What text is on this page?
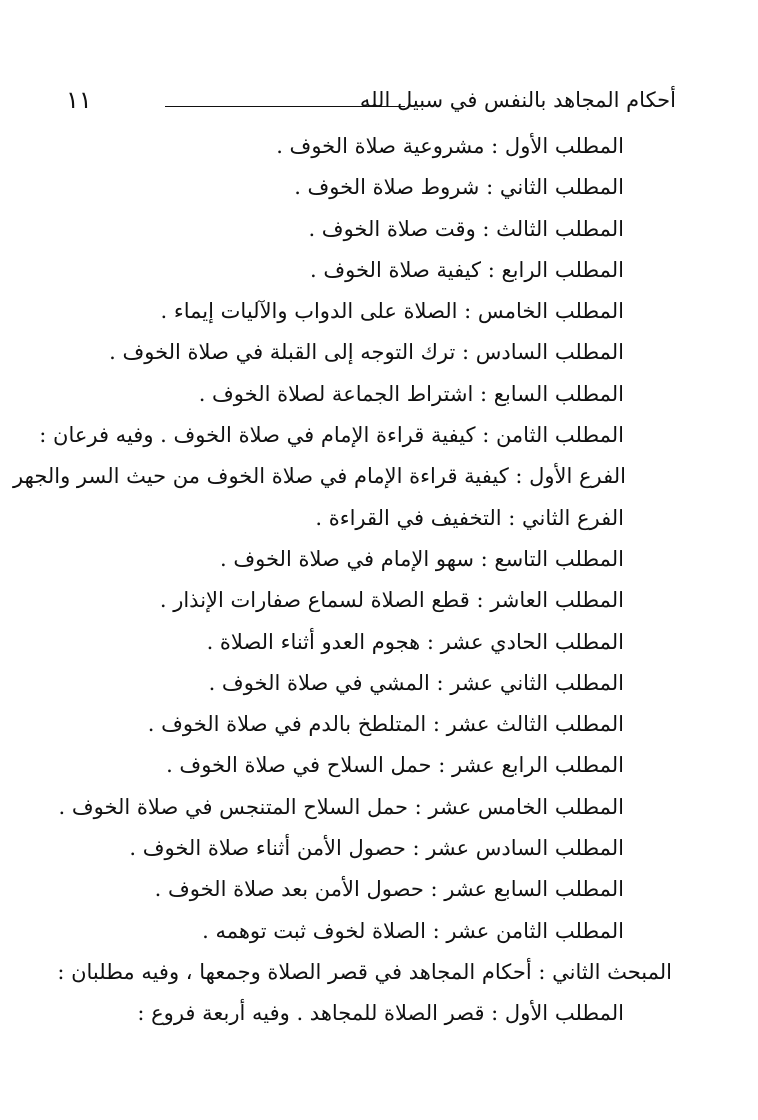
١١	أحكام المجاهد بالنفس في سبيل الله
المطلب الأول : مشروعية صلاة الخوف .
المطلب الثاني : شروط صلاة الخوف .
المطلب الثالث : وقت صلاة الخوف .
المطلب الرابع : كيفية صلاة الخوف .
المطلب الخامس : الصلاة على الدواب والآليات إيماء .
المطلب السادس : ترك التوجه إلى القبلة في صلاة الخوف .
المطلب السابع : اشتراط الجماعة لصلاة الخوف .
المطلب الثامن : كيفية قراءة الإمام في صلاة الخوف . وفيه فرعان :
الفرع الأول : كيفية قراءة الإمام في صلاة الخوف من حيث السر والجهر
الفرع الثاني : التخفيف في القراءة .
المطلب التاسع : سهو الإمام في صلاة الخوف .
المطلب العاشر : قطع الصلاة لسماع صفارات الإنذار .
المطلب الحادي عشر : هجوم العدو أثناء الصلاة .
المطلب الثاني عشر : المشي في صلاة الخوف .
المطلب الثالث عشر : المتلطخ بالدم في صلاة الخوف .
المطلب الرابع عشر : حمل السلاح في صلاة الخوف .
المطلب الخامس عشر : حمل السلاح المتنجس في صلاة الخوف .
المطلب السادس عشر : حصول الأمن أثناء صلاة الخوف .
المطلب السابع عشر : حصول الأمن بعد صلاة الخوف .
المطلب الثامن عشر : الصلاة لخوف ثبت توهمه .
المبحث الثاني : أحكام المجاهد في قصر الصلاة وجمعها ، وفيه مطلبان :
المطلب الأول : قصر الصلاة للمجاهد . وفيه أربعة فروع :
